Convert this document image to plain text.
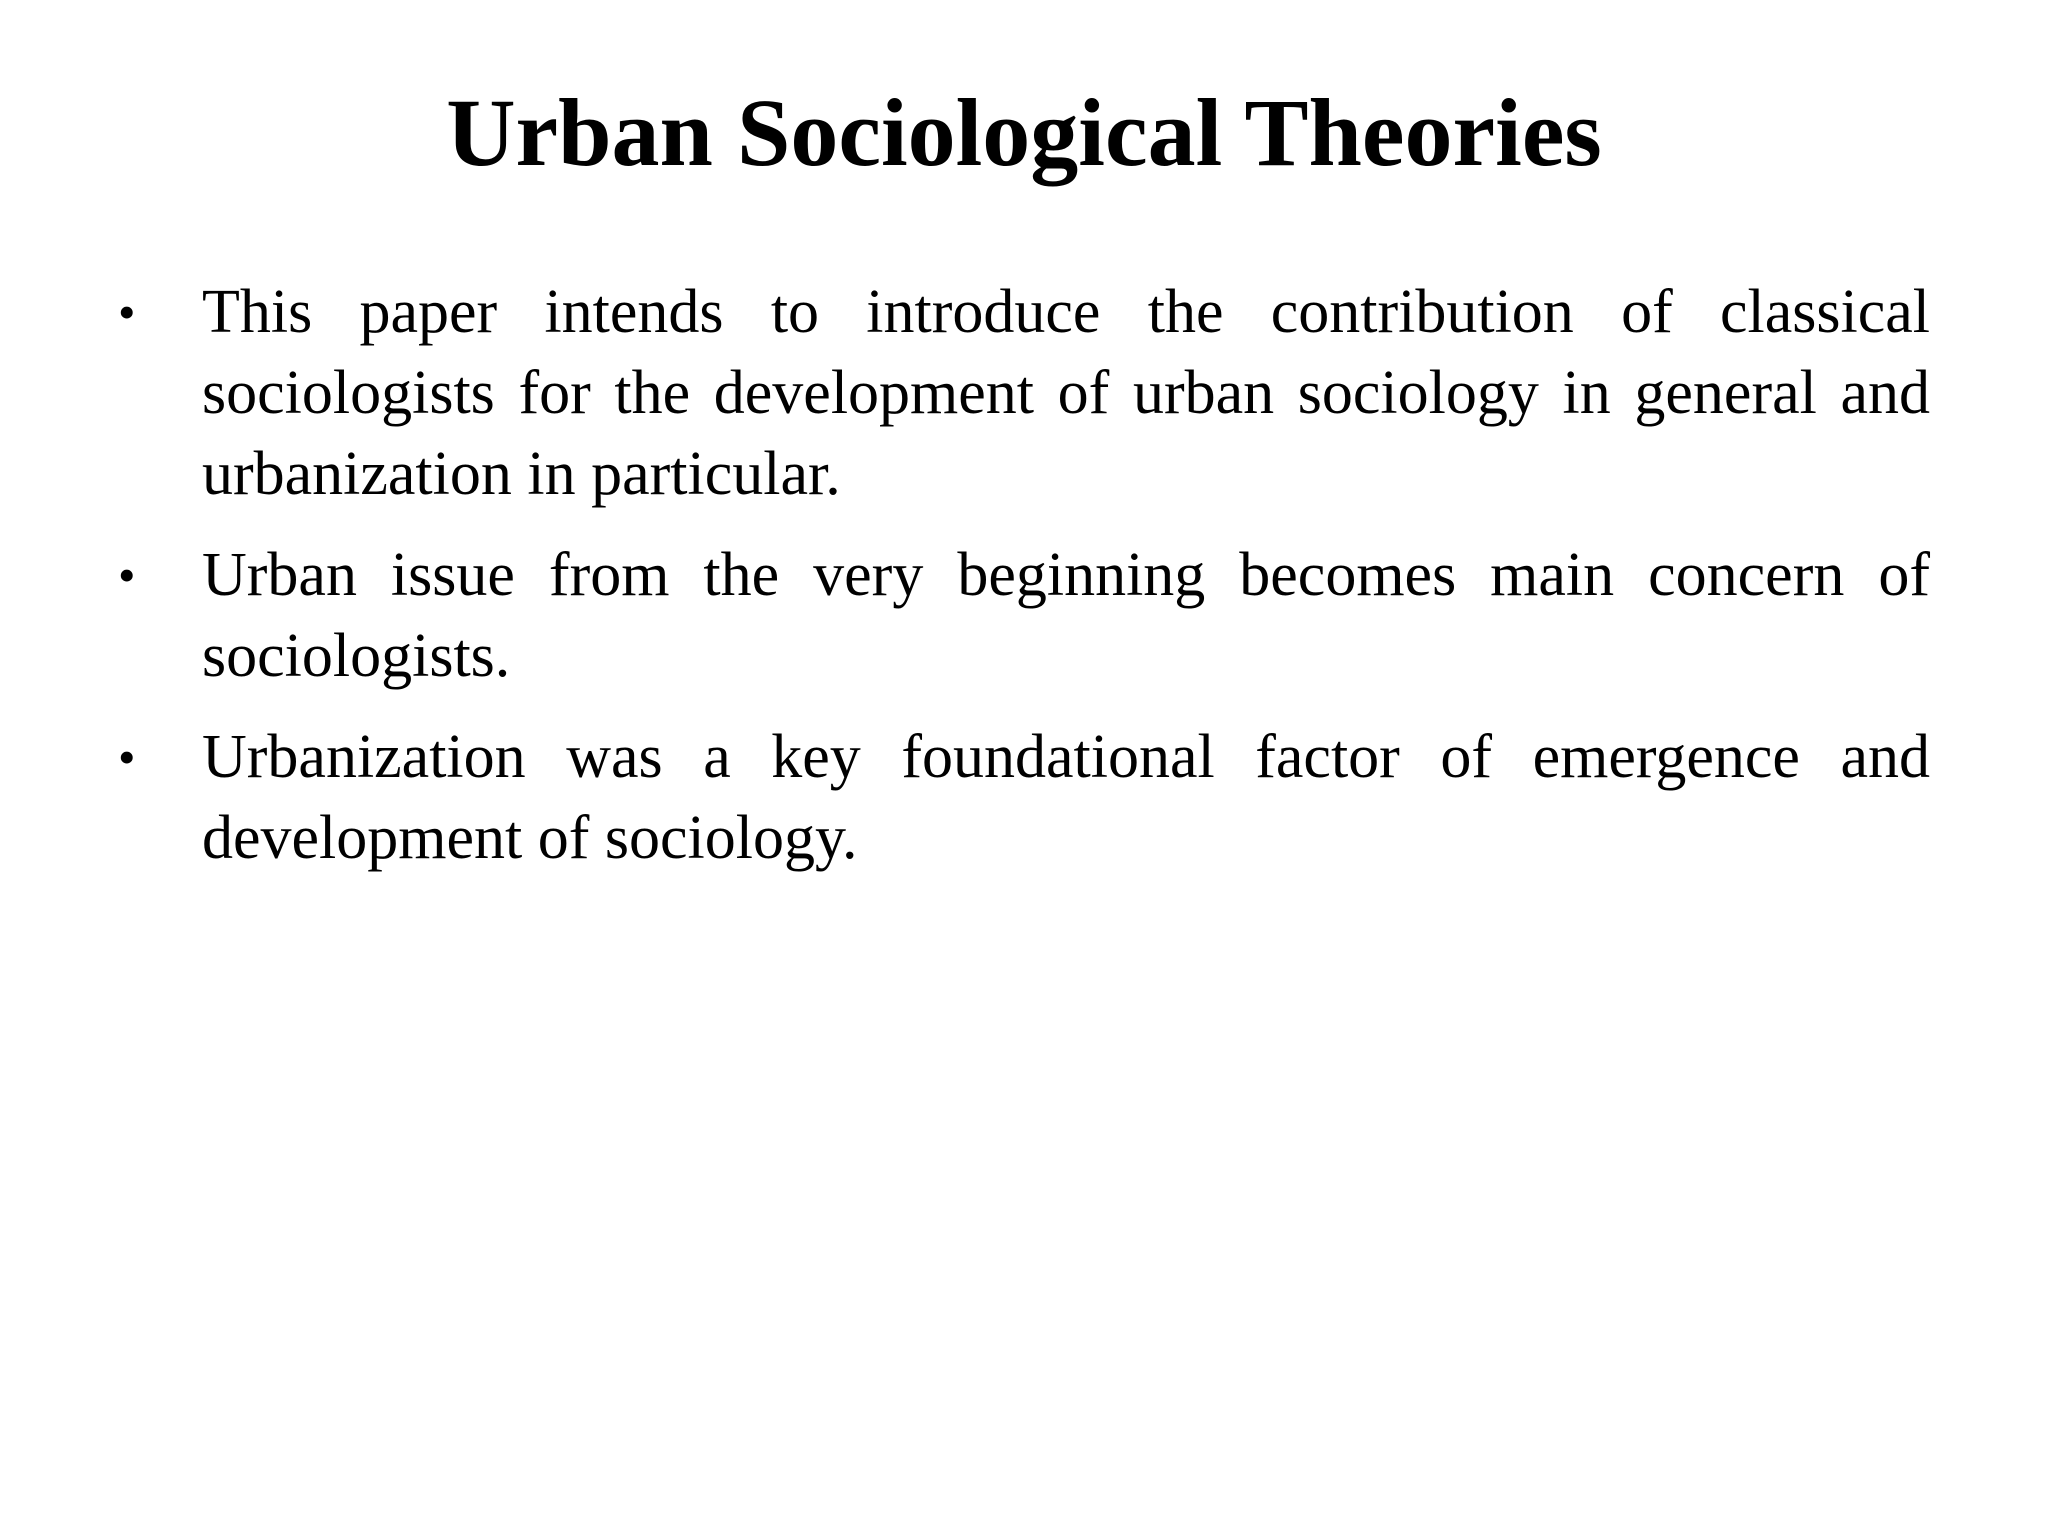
Urban Sociological Theories
•	This paper intends to introduce the contribution of classical sociologists for the development of urban sociology in general and urbanization in particular.
•	Urban issue from the very beginning becomes main concern of sociologists.
•	Urbanization was a key foundational factor of emergence and development of sociology.
